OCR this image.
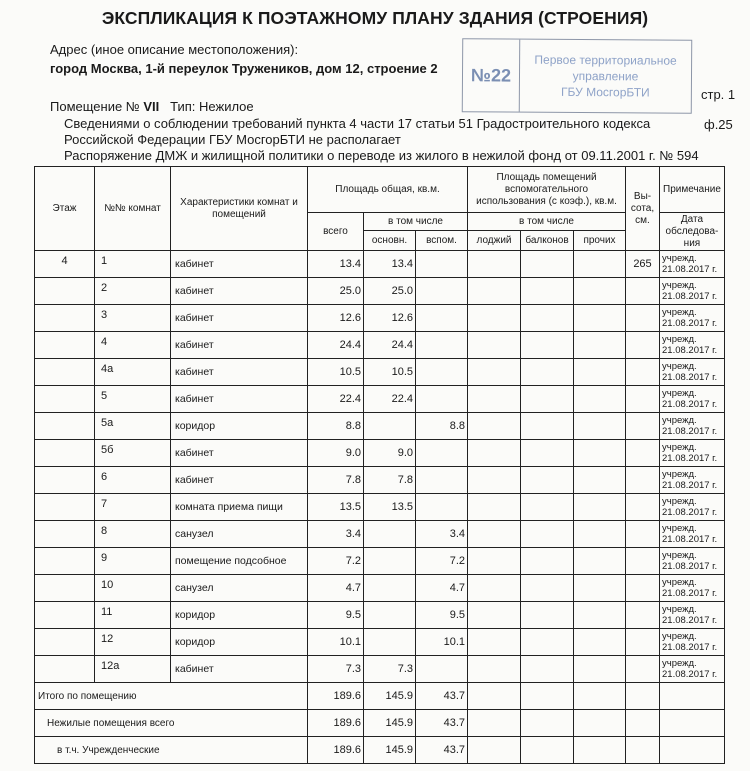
ЭКСПЛИКАЦИЯ К ПОЭТАЖНОМУ ПЛАНУ ЗДАНИЯ (СТРОЕНИЯ)
Адрес (иное описание местоположения):
город Москва, 1-й переулок Тружеников, дом 12, строение 2	№22
Первое территориальное
управление
ГБУ МосгорБТИ	стр. 1
ф.25
Помещение № VII Тип: Нежилое
Сведениями о соблюдении требований пункта 4 части 17 статьи 51 Градостроительного кодекса
Российской Федерации ГБУ МосгорБТИ не располагает
Распоряжение ДМЖ и жилищной политики о переводе из жилого в нежилой фонд от 09.11.2001 г. № 594
Этаж	№№ комнат	Характеристики комнат и помещений	Площадь общая, кв.м.			Площадь помещений вспомогательного использования (с коэф.), кв.м.			Вы- сота, см.	Примечание
			всего	в том числе		в том числе				Дата обследова- ния
				основн.	вспом.	лоджий	балконов	прочих		
4	1	кабинет	13.4	13.4					265	учрежд.
21.08.2017 г.

	2	кабинет	25.0	25.0						учрежд.
21.08.2017 г.

	3	кабинет	12.6	12.6						учрежд.
21.08.2017 г.

	4	кабинет	24.4	24.4						учрежд.
21.08.2017 г.

	4а	кабинет	10.5	10.5						учрежд.
21.08.2017 г.

	5	кабинет	22.4	22.4						учрежд.
21.08.2017 г.

	5а	коридор	8.8		8.8					учрежд.
21.08.2017 г.

	5б	кабинет	9.0	9.0						учрежд.
21.08.2017 г.

	6	кабинет	7.8	7.8						учрежд.
21.08.2017 г.

	7	комната приема пищи	13.5	13.5						учрежд.
21.08.2017 г.

	8	санузел	3.4		3.4					учрежд.
21.08.2017 г.

	9	помещение подсобное	7.2		7.2					учрежд.
21.08.2017 г.

	10	санузел	4.7		4.7					учрежд.
21.08.2017 г.

	11	коридор	9.5		9.5					учрежд.
21.08.2017 г.

	12	коридор	10.1		10.1					учрежд.
21.08.2017 г.

	12а	кабинет	7.3	7.3						учрежд.
21.08.2017 г.

Итого по помещению			189.6	145.9	43.7					
Нежилые помещения всего			189.6	145.9	43.7					
в т.ч. Учрежденческие			189.6	145.9	43.7					
